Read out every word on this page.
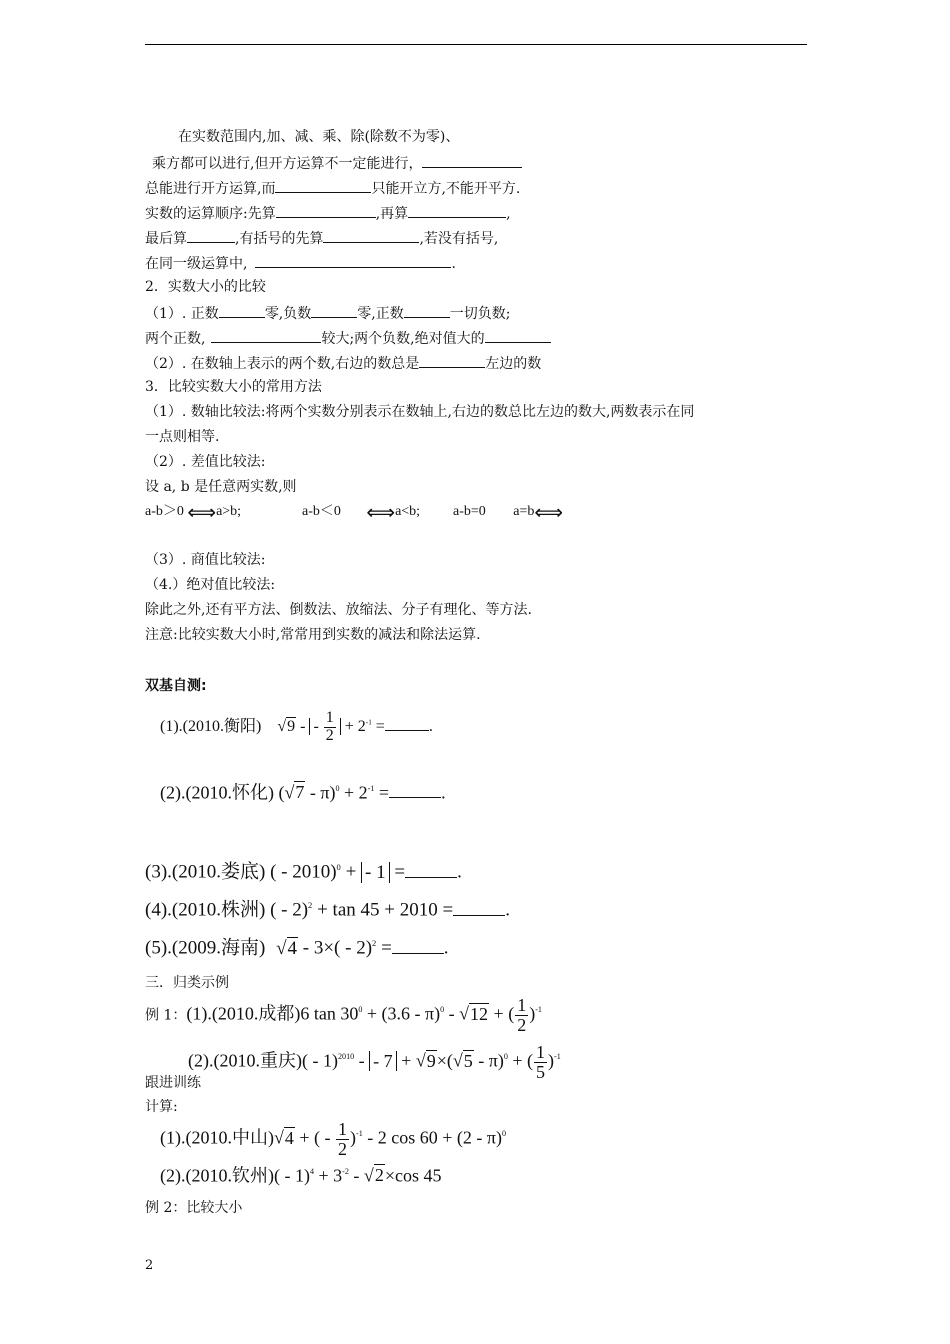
在实数范围内,加、减、乘、除(除数不为零)、
乘方都可以进行,但开方运算不一定能进行，
总能进行开方运算,而	只能开立方,不能开平方.
实数的运算顺序:先算	,再算	,
最后算	,有括号的先算	,若没有括号,
在同一级运算中,	.
2．实数大小的比较
（1）. 正数	零,负数	零,正数	一切负数;
两个正数,	较大;两个负数,绝对值大的
（2）. 在数轴上表示的两个数,右边的数总是	左边的数
3．比较实数大小的常用方法
（1）. 数轴比较法:将两个实数分别表示在数轴上,右边的数总比左边的数大,两数表示在同
一点则相等.
（2）. 差值比较法:
设 a, b 是任意两实数,则
a-b＞0 ⟺a>b;	a-b＜0 ⟺a<b; a-b=0 a=b⟺
（3）. 商值比较法:
（4.）绝对值比较法:
除此之外,还有平方法、倒数法、放缩法、分子有理化、等方法.
注意:比较实数大小时,常常用到实数的减法和除法运算.
双基自测:
(1).(2010.衡阳) √9 - - $\frac{1}{2} + 2^{-1}$ =	.
(2).(2010.怀化) $(√7 - \pi)^0 + 2^{-1}$ =	.
(3).(2010.娄底) ( - 2010)$^0$ + - 1 =	.
(4).(2010.株洲) ( - 2)$^2$ + tan 45 + 2010 =	.
(5).(2009.海南) √4 - 3×( - 2)$^2$ =	.
三．归类示例
例 1：(1).(2010.成都)6 $\tan 30^0 + (3.6 - \pi)^0 - √12$ + ( $\frac{1}{2} )^{-1}$
(2).(2010.重庆)( - 1)$^{2010}$ - - 7 + √9×(√5 - π)$^0$ + ( $\frac{1}{5} )^{-1}$
跟进训练
计算:
(1).(2010.中山)√4 + ( - $\frac{1}{2} )^{-1} - 2$ cos 60 + (2 - π)$^0$
(2).(2010.钦州)( - $1)^4 + 3^{-2} - √2\times\cos$ 45
例 2：比较大小
2
